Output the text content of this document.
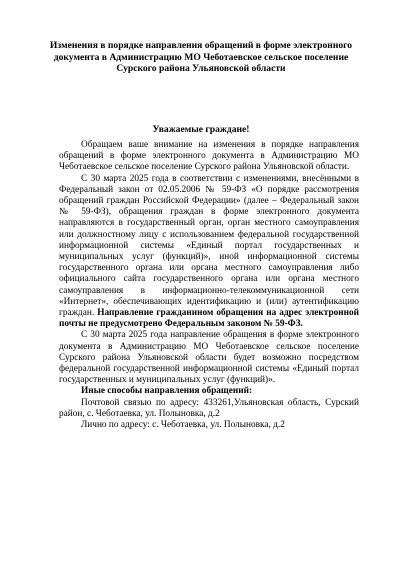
Изменения в порядке направления обращений в форме электронного документа в Администрацию МО Чеботаевское сельское поселение Сурского района Ульяновской области
Уважаемые граждане!

Обращаем ваше внимание на изменения в порядке направления обращений в форме электронного документа в Администрацию МО Чеботаевское сельское поселение Сурского района Ульяновской области.

С 30 марта 2025 года в соответствии с изменениями, внесёнными в Федеральный закон от 02.05.2006 № 59-ФЗ «О порядке рассмотрения обращений граждан Российской Федерации» (далее – Федеральный закон № 59-ФЗ), обращения граждан в форме электронного документа направляются в государственный орган, орган местного самоуправления или должностному лицу с использованием федеральной государственной информационной системы «Единый портал государственных и муниципальных услуг (функций)», иной информационной системы государственного органа или органа местного самоуправления либо официального сайта государственного органа или органа местного самоуправления в информационно-телекоммуникационной сети «Интернет», обеспечивающих идентификацию и (или) аутентификацию граждан. Направление гражданином обращения на адрес электронной почты не предусмотрено Федеральным законом № 59-ФЗ.

С 30 марта 2025 года направление обращения в форме электронного документа в Администрацию МО Чеботаевское сельское поселение Сурского района Ульяновской области будет возможно посредством федеральной государственной информационной системы «Единый портал государственных и муниципальных услуг (функций)».

Иные способы направления обращений:

Почтовой связью по адресу: 433261,Ульяновская область, Сурский район, с. Чеботаевка, ул. Полыновка, д.2

Лично по адресу: с. Чеботаевка, ул. Полыновка, д.2
